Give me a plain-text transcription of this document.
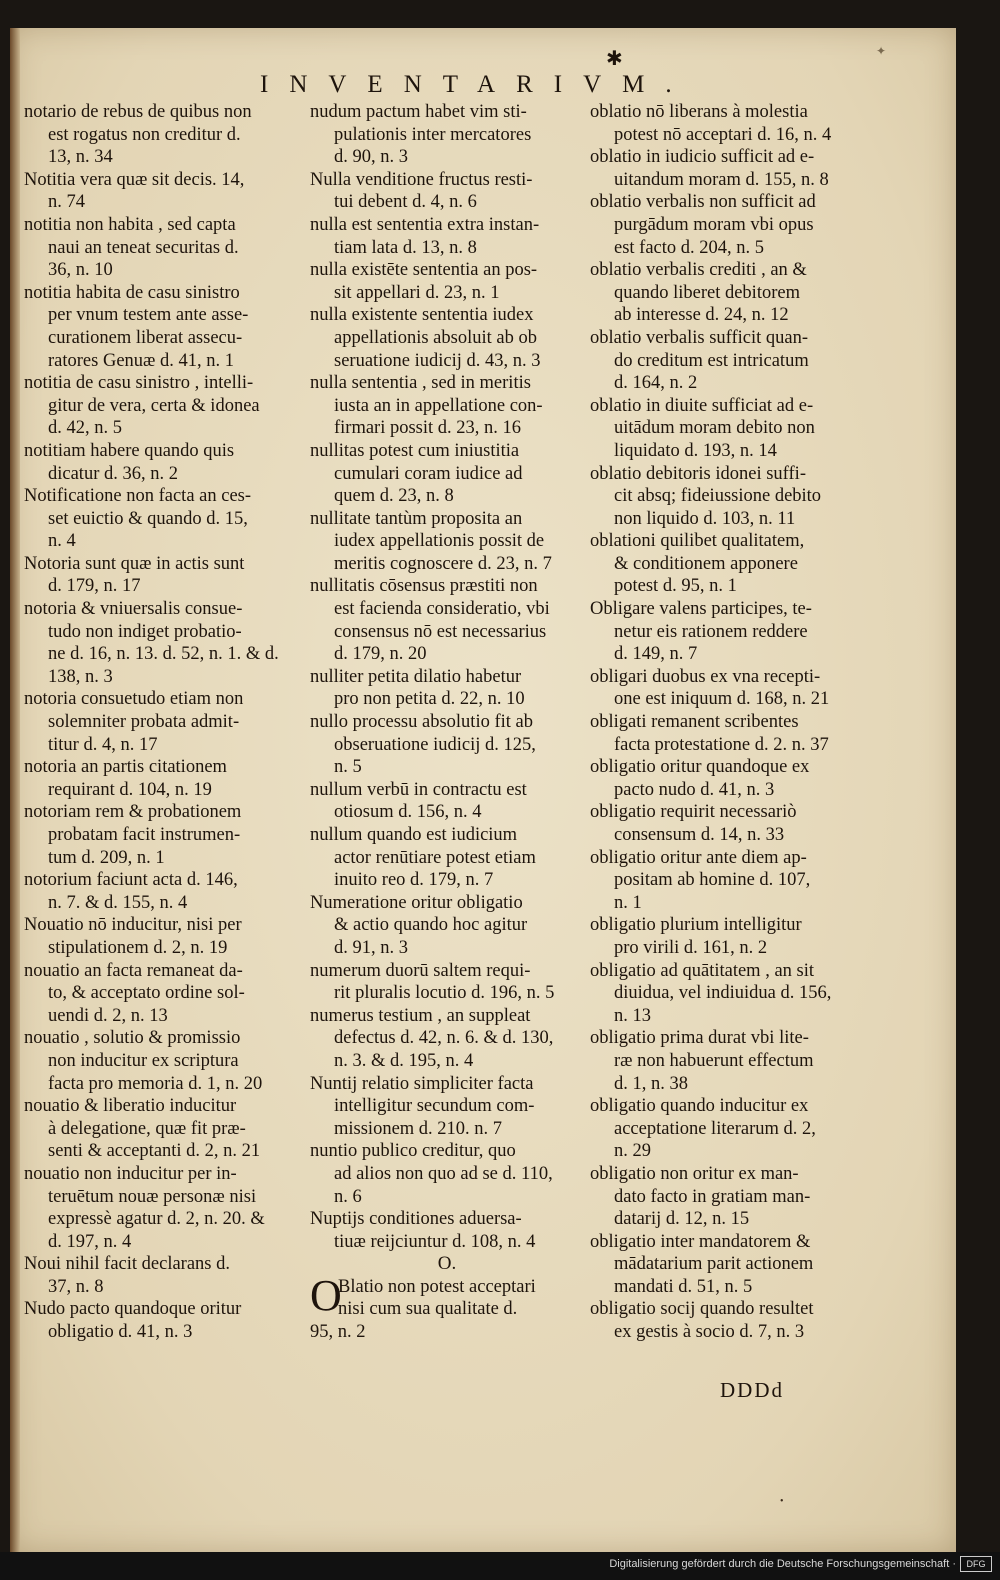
✱	✦
INVENTARIVM.
notario de rebus de quibus non
est rogatus non creditur d.
13, n. 34
Notitia vera quæ sit decis. 14,
n. 74
notitia non habita , sed capta
naui an teneat securitas d.
36, n. 10
notitia habita de casu sinistro
per vnum testem ante asse-
curationem liberat assecu-
ratores Genuæ d. 41, n. 1
notitia de casu sinistro , intelli-
gitur de vera, certa & idonea
d. 42, n. 5
notitiam habere quando quis
dicatur d. 36, n. 2
Notificatione non facta an ces-
set euictio & quando d. 15,
n. 4
Notoria sunt quæ in actis sunt
d. 179, n. 17
notoria & vniuersalis consue-
tudo non indiget probatio-
ne d. 16, n. 13. d. 52, n. 1. & d.
138, n. 3
notoria consuetudo etiam non
solemniter probata admit-
titur d. 4, n. 17
notoria an partis citationem
requirant d. 104, n. 19
notoriam rem & probationem
probatam facit instrumen-
tum d. 209, n. 1
notorium faciunt acta d. 146,
n. 7. & d. 155, n. 4
Nouatio nō inducitur, nisi per
stipulationem d. 2, n. 19
nouatio an facta remaneat da-
to, & acceptato ordine sol-
uendi d. 2, n. 13
nouatio , solutio & promissio
non inducitur ex scriptura
facta pro memoria d. 1, n. 20
nouatio & liberatio inducitur
à delegatione, quæ fit præ-
senti & acceptanti d. 2, n. 21
nouatio non inducitur per in-
teruētum nouæ personæ nisi
expressè agatur d. 2, n. 20. &
d. 197, n. 4
Noui nihil facit declarans d.
37, n. 8
Nudo pacto quandoque oritur
obligatio d. 41, n. 3
nudum pactum habet vim sti-
pulationis inter mercatores
d. 90, n. 3
Nulla venditione fructus resti-
tui debent d. 4, n. 6
nulla est sententia extra instan-
tiam lata d. 13, n. 8
nulla existēte sententia an pos-
sit appellari d. 23, n. 1
nulla existente sententia iudex
appellationis absoluit ab ob
seruatione iudicij d. 43, n. 3
nulla sententia , sed in meritis
iusta an in appellatione con-
firmari possit d. 23, n. 16
nullitas potest cum iniustitia
cumulari coram iudice ad
quem d. 23, n. 8
nullitate tantùm proposita an
iudex appellationis possit de
meritis cognoscere d. 23, n. 7
nullitatis cōsensus præstiti non
est facienda consideratio, vbi
consensus nō est necessarius
d. 179, n. 20
nulliter petita dilatio habetur
pro non petita d. 22, n. 10
nullo processu absolutio fit ab
obseruatione iudicij d. 125,
n. 5
nullum verbū in contractu est
otiosum d. 156, n. 4
nullum quando est iudicium
actor renūtiare potest etiam
inuito reo d. 179, n. 7
Numeratione oritur obligatio
& actio quando hoc agitur
d. 91, n. 3
numerum duorū saltem requi-
rit pluralis locutio d. 196, n. 5
numerus testium , an suppleat
defectus d. 42, n. 6. & d. 130,
n. 3. & d. 195, n. 4
Nuntij relatio simpliciter facta
intelligitur secundum com-
missionem d. 210. n. 7
nuntio publico creditur, quo
ad alios non quo ad se d. 110,
n. 6
Nuptijs conditiones aduersa-
tiuæ reijciuntur d. 108, n. 4
O.
O
Blatio non potest acceptari
nisi cum sua qualitate d.
95, n. 2
oblatio nō liberans à molestia
potest nō acceptari d. 16, n. 4
oblatio in iudicio sufficit ad e-
uitandum moram d. 155, n. 8
oblatio verbalis non sufficit ad
purgādum moram vbi opus
est facto d. 204, n. 5
oblatio verbalis crediti , an &
quando liberet debitorem
ab interesse d. 24, n. 12
oblatio verbalis sufficit quan-
do creditum est intricatum
d. 164, n. 2
oblatio in diuite sufficiat ad e-
uitādum moram debito non
liquidato d. 193, n. 14
oblatio debitoris idonei suffi-
cit absq; fideiussione debito
non liquido d. 103, n. 11
oblationi quilibet qualitatem,
& conditionem apponere
potest d. 95, n. 1
Obligare valens participes, te-
netur eis rationem reddere
d. 149, n. 7
obligari duobus ex vna recepti-
one est iniquum d. 168, n. 21
obligati remanent scribentes
facta protestatione d. 2. n. 37
obligatio oritur quandoque ex
pacto nudo d. 41, n. 3
obligatio requirit necessariò
consensum d. 14, n. 33
obligatio oritur ante diem ap-
positam ab homine d. 107,
n. 1
obligatio plurium intelligitur
pro virili d. 161, n. 2
obligatio ad quātitatem , an sit
diuidua, vel indiuidua d. 156,
n. 13
obligatio prima durat vbi lite-
ræ non habuerunt effectum
d. 1, n. 38
obligatio quando inducitur ex
acceptatione literarum d. 2,
n. 29
obligatio non oritur ex man-
dato facto in gratiam man-
datarij d. 12, n. 15
obligatio inter mandatorem &
mādatarium parit actionem
mandati d. 51, n. 5
obligatio socij quando resultet
ex gestis à socio d. 7, n. 3
DDDd
•
Digitalisierung gefördert durch die Deutsche Forschungsgemeinschaft ·	DFG
